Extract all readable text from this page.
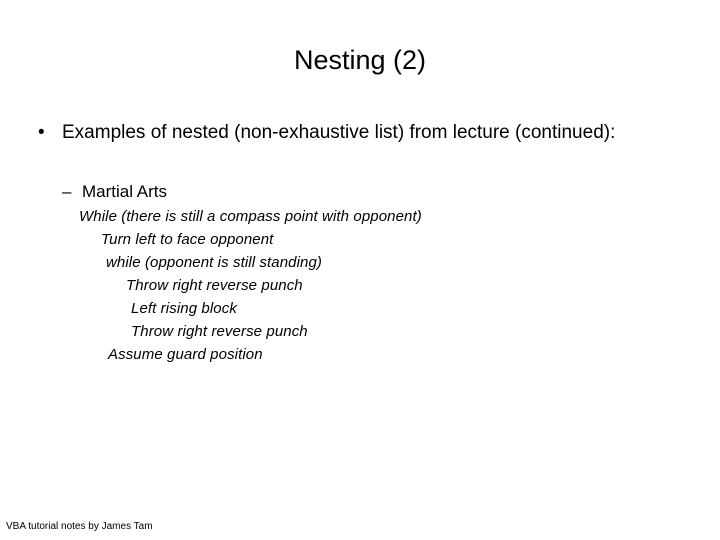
Nesting (2)
• Examples of nested (non-exhaustive list) from lecture (continued):
– Martial Arts
While (there is still a compass point with opponent)
Turn left to face opponent
while (opponent is still standing)
Throw right reverse punch
Left rising block
Throw right reverse punch
Assume guard position
VBA tutorial notes by James Tam
